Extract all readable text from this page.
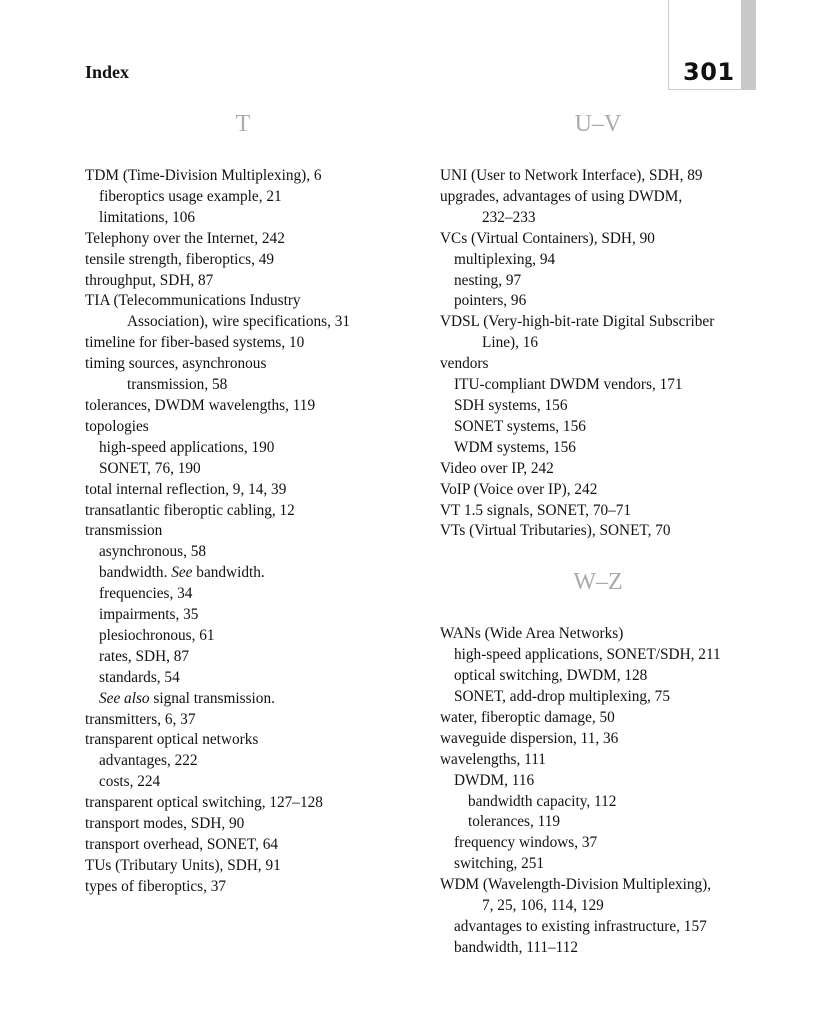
Index	301
T
TDM (Time-Division Multiplexing), 6
fiberoptics usage example, 21
limitations, 106
Telephony over the Internet, 242
tensile strength, fiberoptics, 49
throughput, SDH, 87
TIA (Telecommunications Industry
Association), wire specifications, 31
timeline for fiber-based systems, 10
timing sources, asynchronous
transmission, 58
tolerances, DWDM wavelengths, 119
topologies
high-speed applications, 190
SONET, 76, 190
total internal reflection, 9, 14, 39
transatlantic fiberoptic cabling, 12
transmission
asynchronous, 58
bandwidth. See bandwidth.
frequencies, 34
impairments, 35
plesiochronous, 61
rates, SDH, 87
standards, 54
See also signal transmission.
transmitters, 6, 37
transparent optical networks
advantages, 222
costs, 224
transparent optical switching, 127–128
transport modes, SDH, 90
transport overhead, SONET, 64
TUs (Tributary Units), SDH, 91
types of fiberoptics, 37
U–V
UNI (User to Network Interface), SDH, 89
upgrades, advantages of using DWDM,
232–233
VCs (Virtual Containers), SDH, 90
multiplexing, 94
nesting, 97
pointers, 96
VDSL (Very-high-bit-rate Digital Subscriber
Line), 16
vendors
ITU-compliant DWDM vendors, 171
SDH systems, 156
SONET systems, 156
WDM systems, 156
Video over IP, 242
VoIP (Voice over IP), 242
VT 1.5 signals, SONET, 70–71
VTs (Virtual Tributaries), SONET, 70
W–Z
WANs (Wide Area Networks)
high-speed applications, SONET/SDH, 211
optical switching, DWDM, 128
SONET, add-drop multiplexing, 75
water, fiberoptic damage, 50
waveguide dispersion, 11, 36
wavelengths, 111
DWDM, 116
bandwidth capacity, 112
tolerances, 119
frequency windows, 37
switching, 251
WDM (Wavelength-Division Multiplexing),
7, 25, 106, 114, 129
advantages to existing infrastructure, 157
bandwidth, 111–112
